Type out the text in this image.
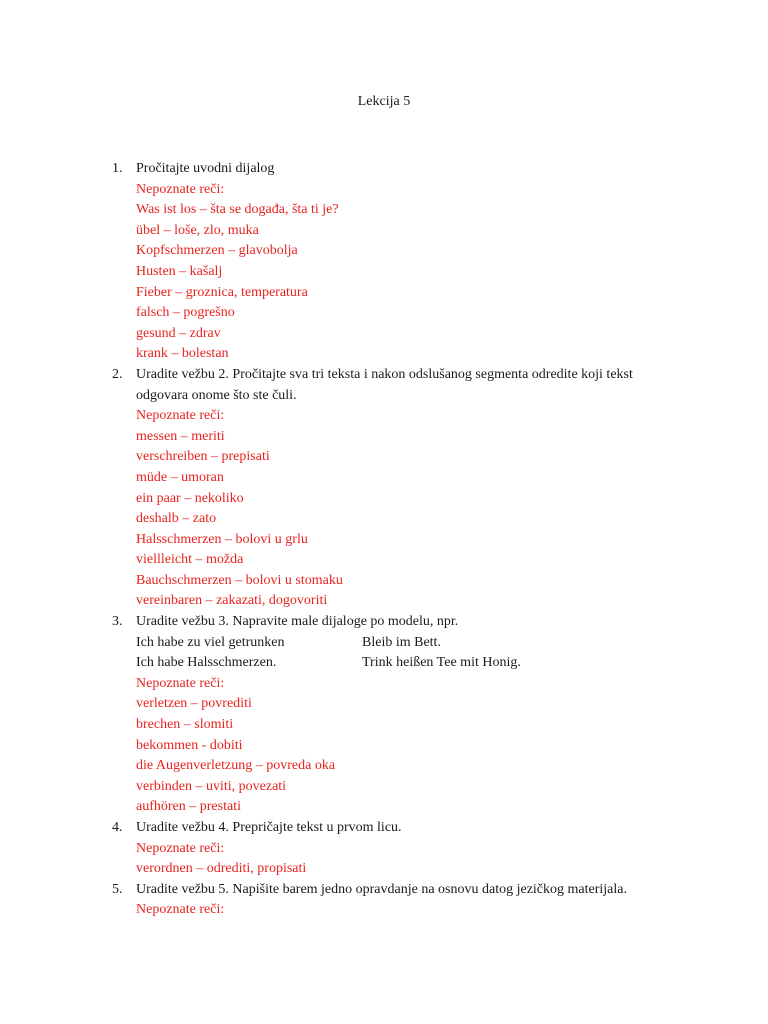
Lekcija 5
1. Pročitajte uvodni dijalog
Nepoznate reči:
Was ist los – šta se događa, šta ti je?
übel – loše, zlo, muka
Kopfschmerzen – glavobolja
Husten – kašalj
Fieber – groznica, temperatura
falsch – pogrešno
gesund – zdrav
krank – bolestan
2. Uradite vežbu 2. Pročitajte sva tri teksta i nakon odslušanog segmenta odredite koji tekst
odgovara onome što ste čuli.
Nepoznate reči:
messen – meriti
verschreiben – prepisati
müde – umoran
ein paar – nekoliko
deshalb – zato
Halsschmerzen – bolovi u grlu
viellleicht – možda
Bauchschmerzen – bolovi u stomaku
vereinbaren – zakazati, dogovoriti
3. Uradite vežbu 3. Napravite male dijaloge po modelu, npr.
Ich habe zu viel getrunken	Bleib im Bett.
Ich habe Halsschmerzen.	Trink heißen Tee mit Honig.
Nepoznate reči:
verletzen – povrediti
brechen – slomiti
bekommen - dobiti
die Augenverletzung – povreda oka
verbinden – uviti, povezati
aufhören – prestati
4. Uradite vežbu 4. Prepričajte tekst u prvom licu.
Nepoznate reči:
verordnen – odrediti, propisati
5. Uradite vežbu 5. Napišite barem jedno opravdanje na osnovu datog jezičkog materijala.
Nepoznate reči:
